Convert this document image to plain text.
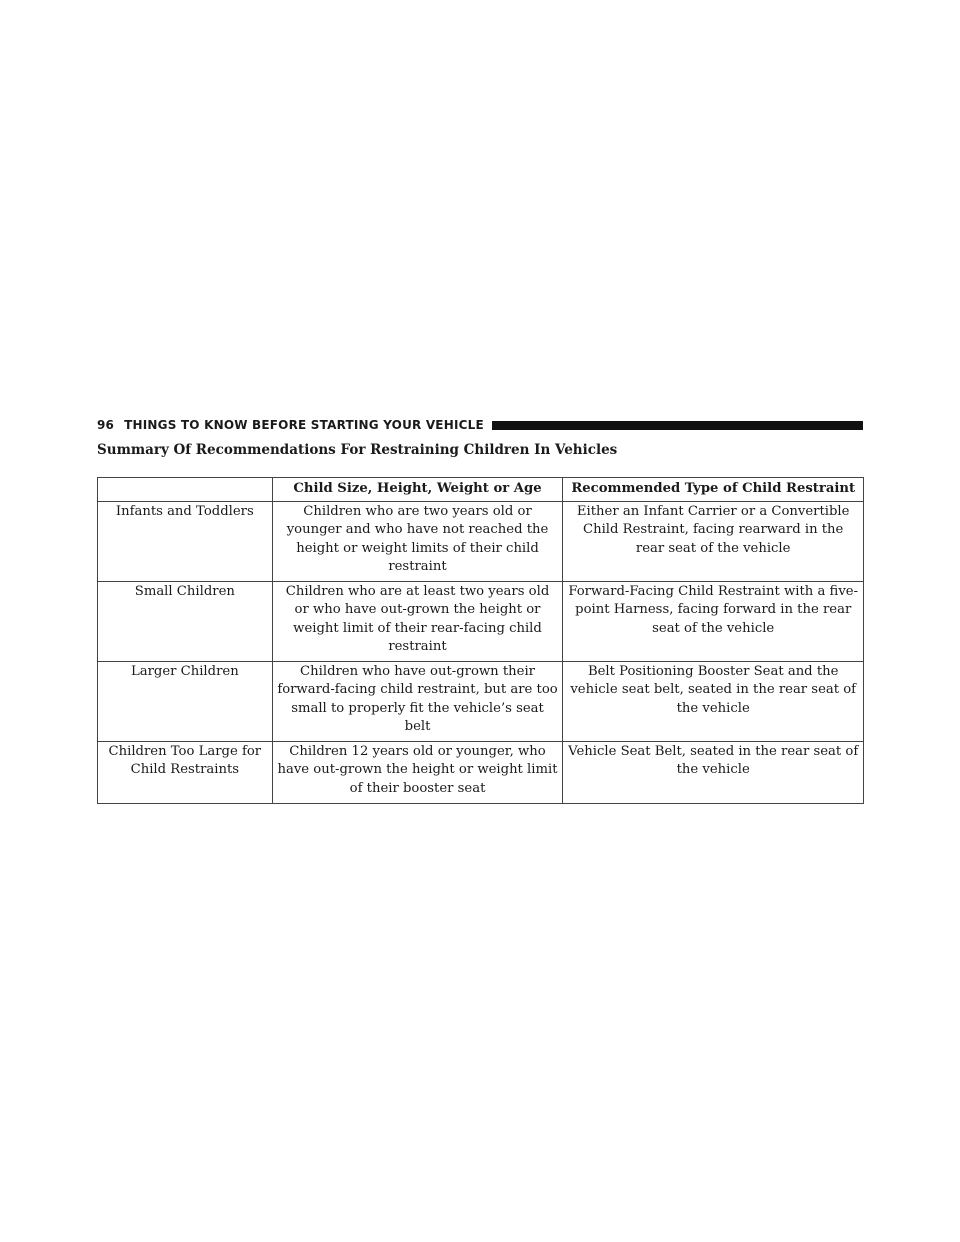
96 THINGS TO KNOW BEFORE STARTING YOUR VEHICLE
Summary Of Recommendations For Restraining Children In Vehicles
	Child Size, Height, Weight or Age	Recommended Type of Child Restraint
Infants and Toddlers	Children who are two years old or younger and who have not reached the height or weight limits of their child restraint	Either an Infant Carrier or a Convertible Child Restraint, facing rearward in the rear seat of the vehicle
Small Children	Children who are at least two years old or who have out-grown the height or weight limit of their rear-facing child restraint	Forward-Facing Child Restraint with a five-point Harness, facing forward in the rear seat of the vehicle
Larger Children	Children who have out-grown their forward-facing child restraint, but are too small to properly fit the vehicle’s seat belt	Belt Positioning Booster Seat and the vehicle seat belt, seated in the rear seat of the vehicle
Children Too Large for Child Restraints	Children 12 years old or younger, who have out-grown the height or weight limit of their booster seat	Vehicle Seat Belt, seated in the rear seat of the vehicle
